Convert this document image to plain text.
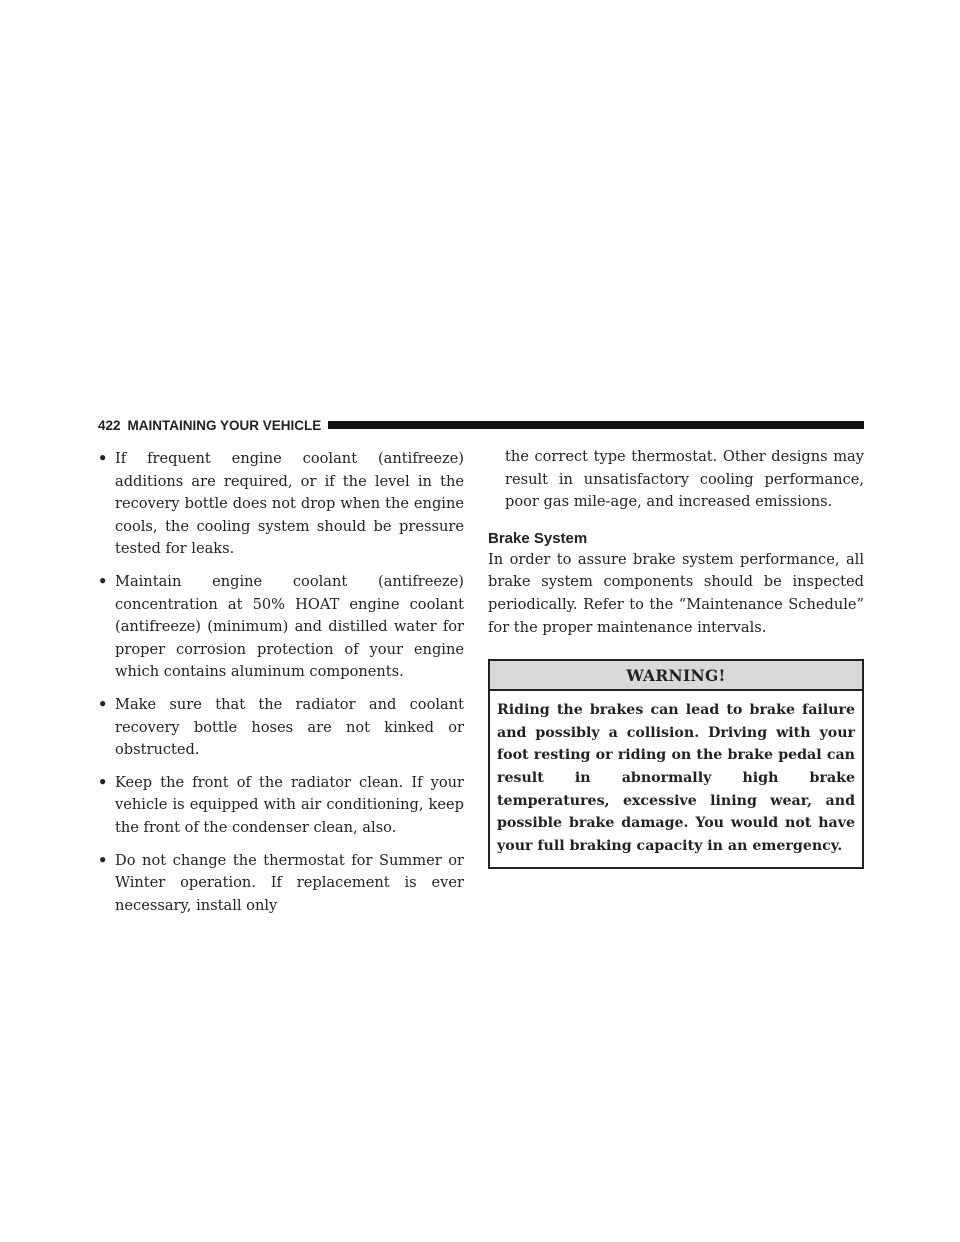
422 MAINTAINING YOUR VEHICLE
• If frequent engine coolant (antifreeze) additions are required, or if the level in the recovery bottle does not drop when the engine cools, the cooling system should be pressure tested for leaks.
• Maintain engine coolant (antifreeze) concentration at 50% HOAT engine coolant (antifreeze) (minimum) and distilled water for proper corrosion protection of your engine which contains aluminum components.
• Make sure that the radiator and coolant recovery bottle hoses are not kinked or obstructed.
• Keep the front of the radiator clean. If your vehicle is equipped with air conditioning, keep the front of the condenser clean, also.
• Do not change the thermostat for Summer or Winter operation. If replacement is ever necessary, install only

the correct type thermostat. Other designs may result in unsatisfactory cooling performance, poor gas mile-age, and increased emissions.

Brake System

In order to assure brake system performance, all brake system components should be inspected periodically. Refer to the “Maintenance Schedule” for the proper maintenance intervals.

WARNING!
Riding the brakes can lead to brake failure and possibly a collision. Driving with your foot resting or riding on the brake pedal can result in abnormally high brake temperatures, excessive lining wear, and possible brake damage. You would not have your full braking capacity in an emergency.
